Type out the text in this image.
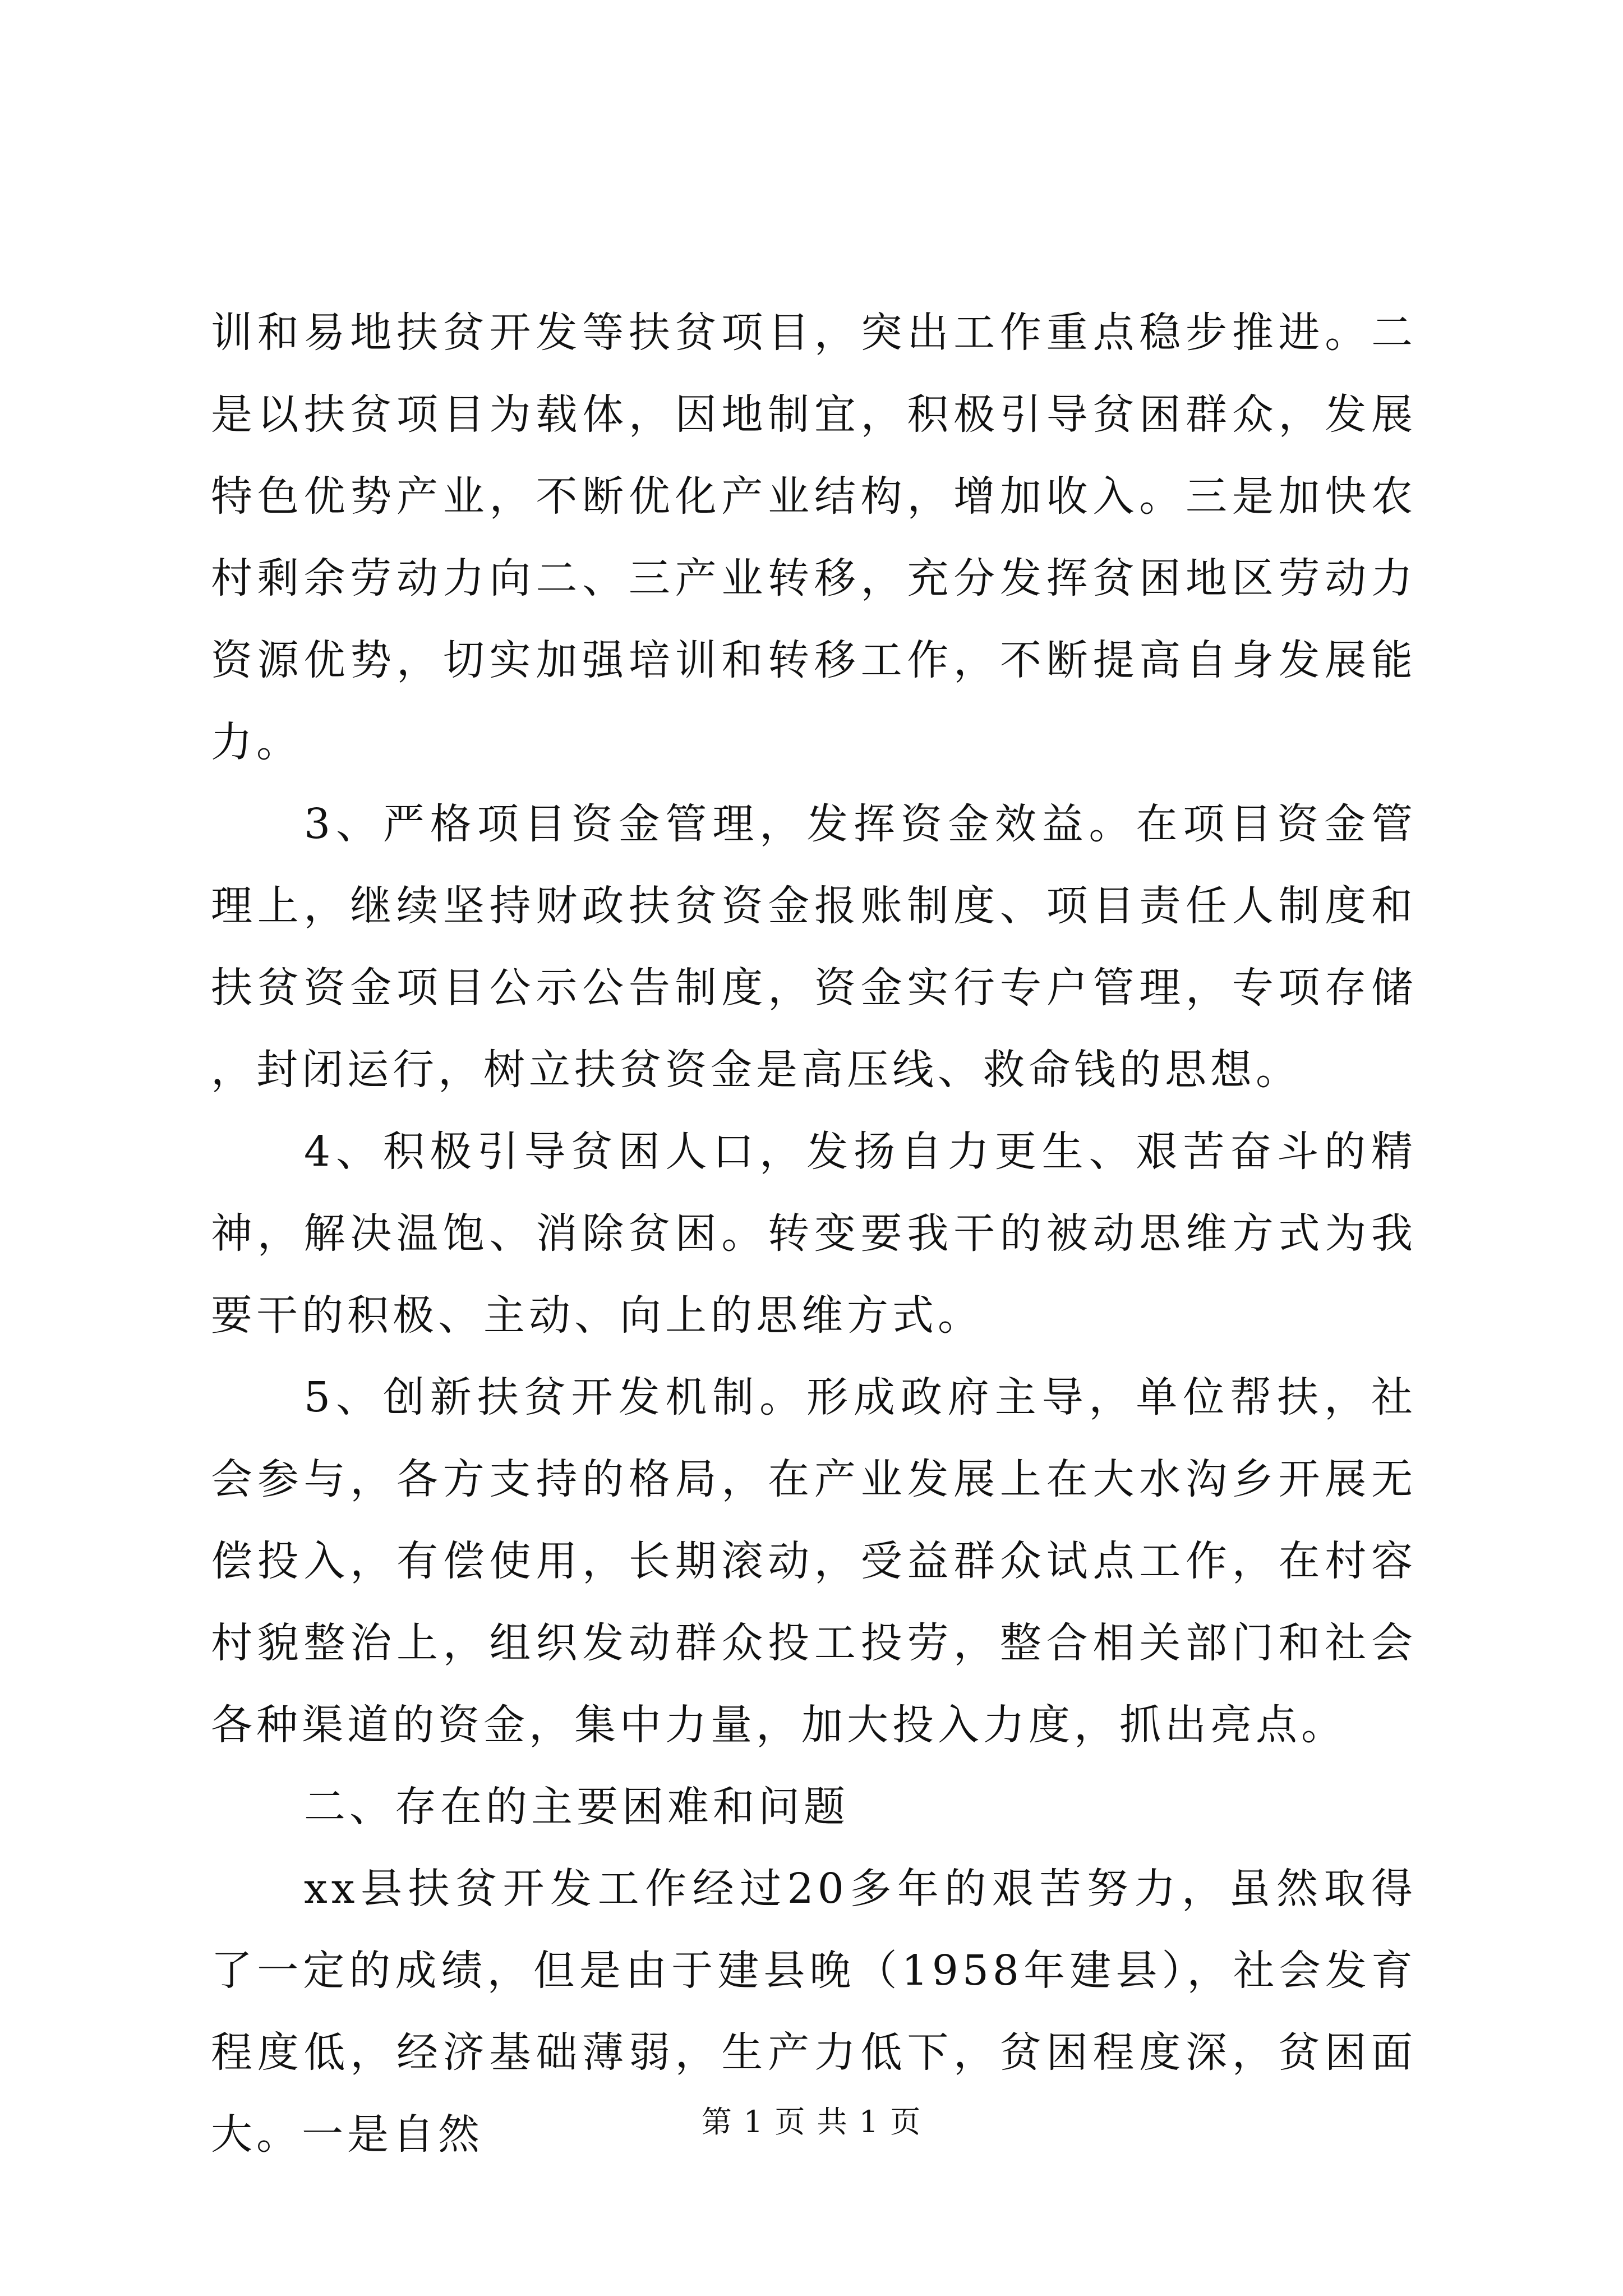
训和易地扶贫开发等扶贫项目，突出工作重点稳步推进。二是以扶贫项目为载体，因地制宜，积极引导贫困群众，发展特色优势产业，不断优化产业结构，增加收入。三是加快农村剩余劳动力向二、三产业转移，充分发挥贫困地区劳动力资源优势，切实加强培训和转移工作，不断提高自身发展能力。

3、严格项目资金管理，发挥资金效益。在项目资金管理上，继续坚持财政扶贫资金报账制度、项目责任人制度和扶贫资金项目公示公告制度，资金实行专户管理，专项存储，封闭运行，树立扶贫资金是高压线、救命钱的思想。

4、积极引导贫困人口，发扬自力更生、艰苦奋斗的精神，解决温饱、消除贫困。转变要我干的被动思维方式为我要干的积极、主动、向上的思维方式。

5、创新扶贫开发机制。形成政府主导，单位帮扶，社会参与，各方支持的格局，在产业发展上在大水沟乡开展无偿投入，有偿使用，长期滚动，受益群众试点工作，在村容村貌整治上，组织发动群众投工投劳，整合相关部门和社会各种渠道的资金，集中力量，加大投入力度，抓出亮点。

二、存在的主要困难和问题

xx县扶贫开发工作经过20多年的艰苦努力，虽然取得了一定的成绩，但是由于建县晚（1958年建县），社会发育程度低，经济基础薄弱，生产力低下，贫困程度深，贫困面大。一是自然	第 1 页 共 1 页
